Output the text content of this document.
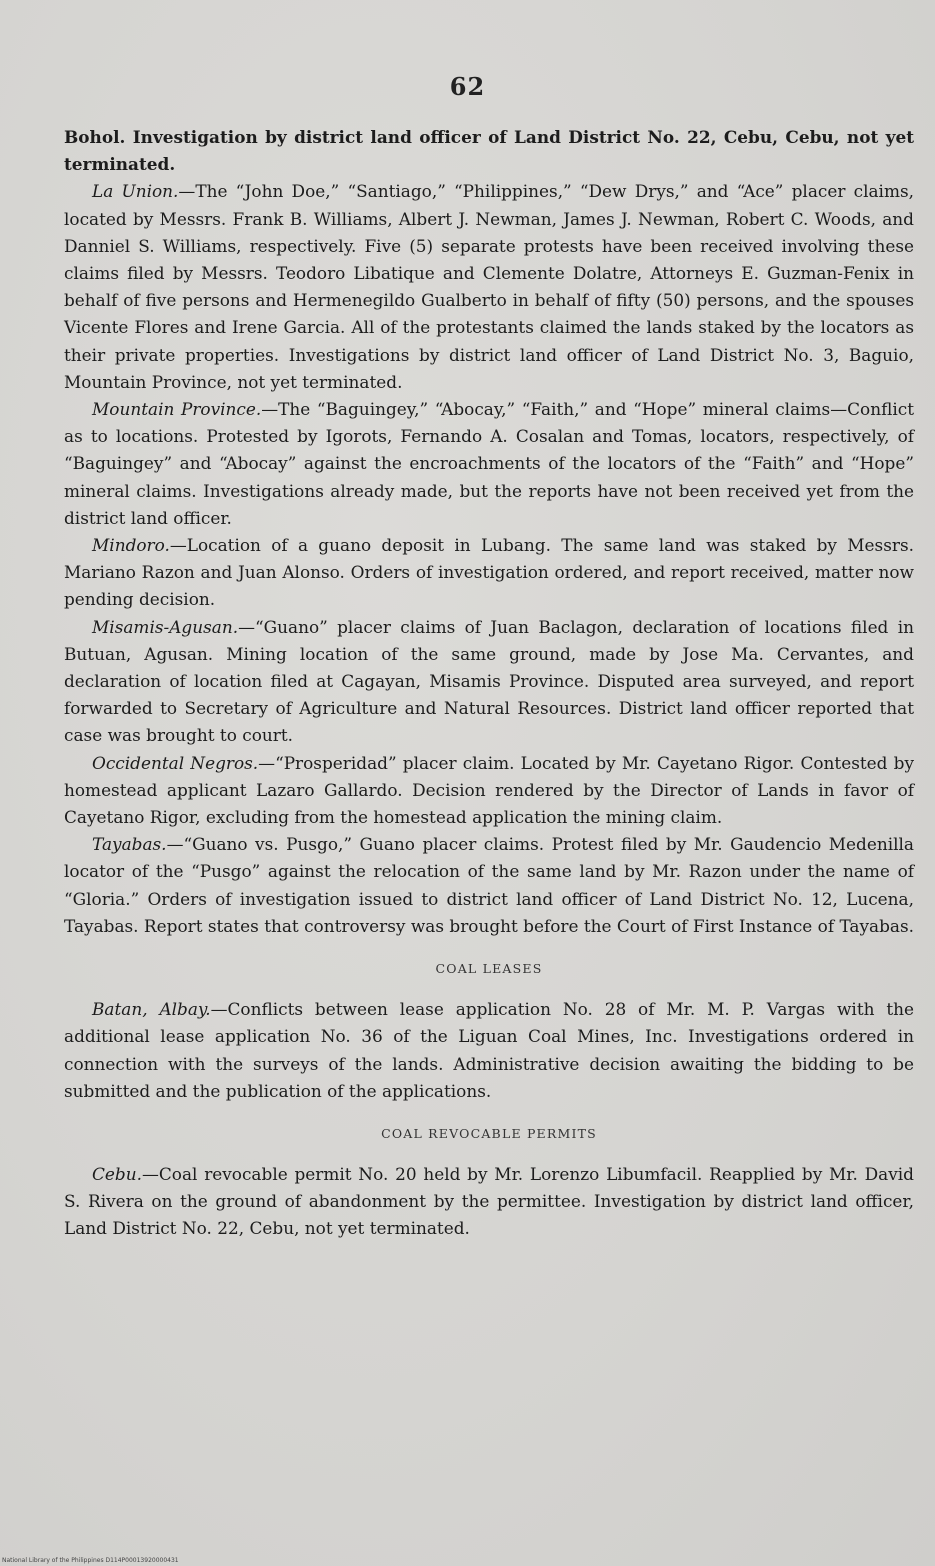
62

Bohol. Investigation by district land officer of Land District No. 22, Cebu, Cebu, not yet terminated.

La Union.—The “John Doe,” “Santiago,” “Philippines,” “Dew Drys,” and “Ace” placer claims, located by Messrs. Frank B. Williams, Albert J. Newman, James J. Newman, Robert C. Woods, and Danniel S. Williams, respectively. Five (5) separate protests have been received involving these claims filed by Messrs. Teodoro Libatique and Clemente Dolatre, Attorneys E. Guzman-Fenix in behalf of five persons and Hermenegildo Gualberto in behalf of fifty (50) persons, and the spouses Vicente Flores and Irene Garcia. All of the protestants claimed the lands staked by the locators as their private properties. Investigations by district land officer of Land District No. 3, Baguio, Mountain Province, not yet terminated.

Mountain Province.—The “Baguingey,” “Abocay,” “Faith,” and “Hope” mineral claims—Conflict as to locations. Protested by Igorots, Fernando A. Cosalan and Tomas, locators, respectively, of “Baguingey” and “Abocay” against the encroachments of the locators of the “Faith” and “Hope” mineral claims. Investigations already made, but the reports have not been received yet from the district land officer.

Mindoro.—Location of a guano deposit in Lubang. The same land was staked by Messrs. Mariano Razon and Juan Alonso. Orders of investigation ordered, and report received, matter now pending decision.

Misamis-Agusan.—“Guano” placer claims of Juan Baclagon, declaration of locations filed in Butuan, Agusan. Mining location of the same ground, made by Jose Ma. Cervantes, and declaration of location filed at Cagayan, Misamis Province. Disputed area surveyed, and report forwarded to Secretary of Agriculture and Natural Resources. District land officer reported that case was brought to court.

Occidental Negros.—“Prosperidad” placer claim. Located by Mr. Cayetano Rigor. Contested by homestead applicant Lazaro Gallardo. Decision rendered by the Director of Lands in favor of Cayetano Rigor, excluding from the homestead application the mining claim.

Tayabas.—“Guano vs. Pusgo,” Guano placer claims. Protest filed by Mr. Gaudencio Medenilla locator of the “Pusgo” against the relocation of the same land by Mr. Razon under the name of “Gloria.” Orders of investigation issued to district land officer of Land District No. 12, Lucena, Tayabas. Report states that controversy was brought before the Court of First Instance of Tayabas.

COAL LEASES

Batan, Albay.—Conflicts between lease application No. 28 of Mr. M. P. Vargas with the additional lease application No. 36 of the Liguan Coal Mines, Inc. Investigations ordered in connection with the surveys of the lands. Administrative decision awaiting the bidding to be submitted and the publication of the applications.

COAL REVOCABLE PERMITS

Cebu.—Coal revocable permit No. 20 held by Mr. Lorenzo Libumfacil. Reapplied by Mr. David S. Rivera on the ground of abandonment by the permittee. Investigation by district land officer, Land District No. 22, Cebu, not yet terminated.

National Library of the Philippines D114P00013920000431
